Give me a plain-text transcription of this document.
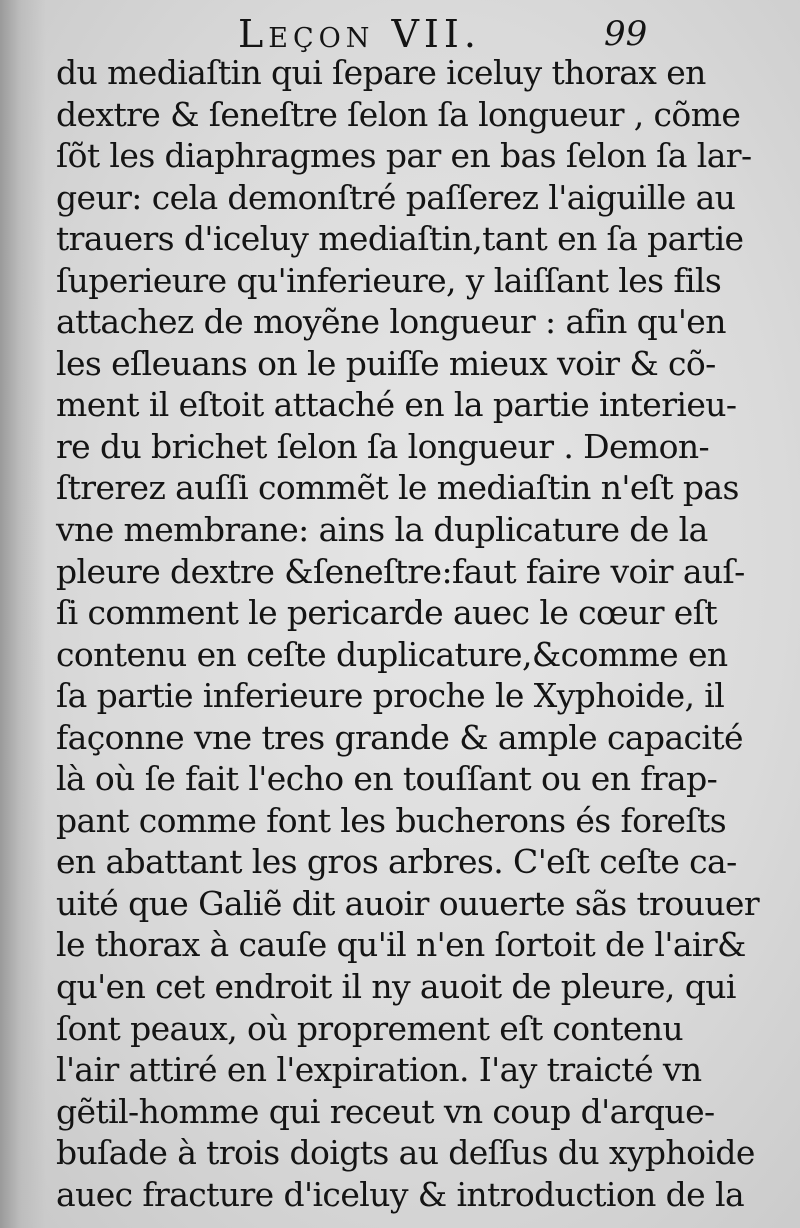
Leçon VII.	99
du mediaſtin qui ſepare iceluy thorax en
dextre & ſeneſtre ſelon ſa longueur , cõme
ſõt les diaphragmes par en bas ſelon ſa lar-
geur: cela demonſtré paſſerez l'aiguille au
trauers d'iceluy mediaſtin,tant en ſa partie
ſuperieure qu'inferieure, y laiſſant les fils
attachez de moyẽne longueur : afin qu'en
les eſleuans on le puiſſe mieux voir & cõ-
ment il eſtoit attaché en la partie interieu-
re du brichet ſelon ſa longueur . Demon-
ſtrerez auſſi commẽt le mediaſtin n'eſt pas
vne membrane: ains la duplicature de la
pleure dextre &ſeneſtre:faut faire voir auſ-
ſi comment le pericarde auec le cœur eſt
contenu en ceſte duplicature,&comme en
ſa partie inferieure proche le Xyphoide, il
façonne vne tres grande & ample capacité
là où ſe fait l'echo en touſſant ou en frap-
pant comme font les bucherons és foreſts
en abattant les gros arbres. C'eſt ceſte ca-
uité que Galiẽ dit auoir ouuerte sãs trouuer
le thorax à cauſe qu'il n'en ſortoit de l'air&
qu'en cet endroit il ny auoit de pleure, qui
ſont peaux, où proprement eſt contenu
l'air attiré en l'expiration. I'ay traicté vn
gẽtil-homme qui receut vn coup d'arque-
buſade à trois doigts au deſſus du xyphoide
auec fracture d'iceluy & introduction de la
